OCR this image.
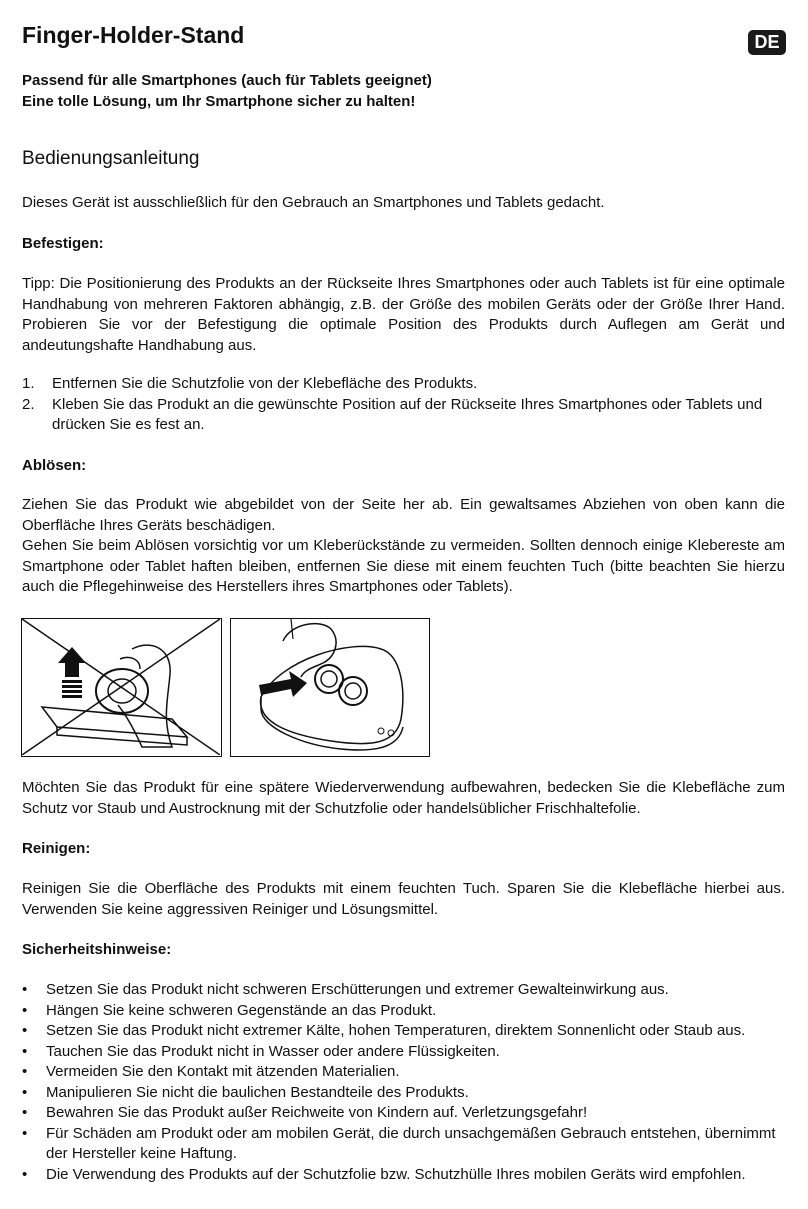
Finger-Holder-Stand	DE
Passend für alle Smartphones (auch für Tablets geeignet)
Eine tolle Lösung, um Ihr Smartphone sicher zu halten!
Bedienungsanleitung
Dieses Gerät ist ausschließlich für den Gebrauch an Smartphones und Tablets gedacht.
Befestigen:
Tipp: Die Positionierung des Produkts an der Rückseite Ihres Smartphones oder auch Tablets ist für eine optimale Handhabung von mehreren Faktoren abhängig, z.B. der Größe des mobilen Geräts oder der Größe Ihrer Hand. Probieren Sie vor der Befestigung die optimale Position des Produkts durch Auflegen am Gerät und andeutungshafte Handhabung aus.
1. Entfernen Sie die Schutzfolie von der Klebefläche des Produkts.
2. Kleben Sie das Produkt an die gewünschte Position auf der Rückseite Ihres Smartphones oder Tablets und drücken Sie es fest an.
Ablösen:
Ziehen Sie das Produkt wie abgebildet von der Seite her ab. Ein gewaltsames Abziehen von oben kann die Oberfläche Ihres Geräts beschädigen.
Gehen Sie beim Ablösen vorsichtig vor um Kleberückstände zu vermeiden. Sollten dennoch einige Klebereste am Smartphone oder Tablet haften bleiben, entfernen Sie diese mit einem feuchten Tuch (bitte beachten Sie hierzu auch die Pflegehinweise des Herstellers ihres Smartphones oder Tablets).
Möchten Sie das Produkt für eine spätere Wiederverwendung aufbewahren, bedecken Sie die Klebefläche zum Schutz vor Staub und Austrocknung mit der Schutzfolie oder handelsüblicher Frischhaltefolie.
Reinigen:
Reinigen Sie die Oberfläche des Produkts mit einem feuchten Tuch. Sparen Sie die Klebefläche hierbei aus. Verwenden Sie keine aggressiven Reiniger und Lösungsmittel.
Sicherheitshinweise:
• Setzen Sie das Produkt nicht schweren Erschütterungen und extremer Gewalteinwirkung aus.
• Hängen Sie keine schweren Gegenstände an das Produkt.
• Setzen Sie das Produkt nicht extremer Kälte, hohen Temperaturen, direktem Sonnenlicht oder Staub aus.
• Tauchen Sie das Produkt nicht in Wasser oder andere Flüssigkeiten.
• Vermeiden Sie den Kontakt mit ätzenden Materialien.
• Manipulieren Sie nicht die baulichen Bestandteile des Produkts.
• Bewahren Sie das Produkt außer Reichweite von Kindern auf. Verletzungsgefahr!
• Für Schäden am Produkt oder am mobilen Gerät, die durch unsachgemäßen Gebrauch entstehen, übernimmt der Hersteller keine Haftung.
• Die Verwendung des Produkts auf der Schutzfolie bzw. Schutzhülle Ihres mobilen Geräts wird empfohlen.
